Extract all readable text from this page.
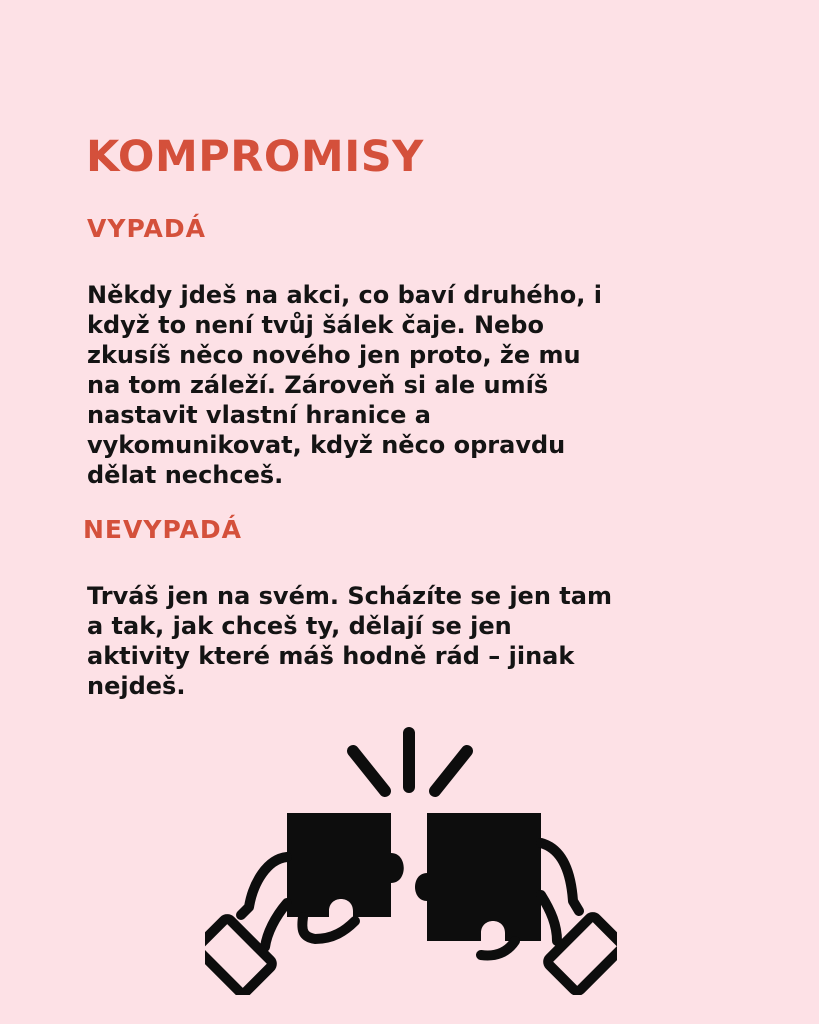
KOMPROMISY
VYPADÁ

Někdy jdeš na akci, co baví druhého, i
když to není tvůj šálek čaje. Nebo
zkusíš něco nového jen proto, že mu
na tom záleží. Zároveň si ale umíš
nastavit vlastní hranice a
vykomunikovat, když něco opravdu
dělat nechceš.

NEVYPADÁ

Trváš jen na svém. Scházíte se jen tam
a tak, jak chceš ty, dělají se jen
aktivity které máš hodně rád – jinak
nejdeš.
